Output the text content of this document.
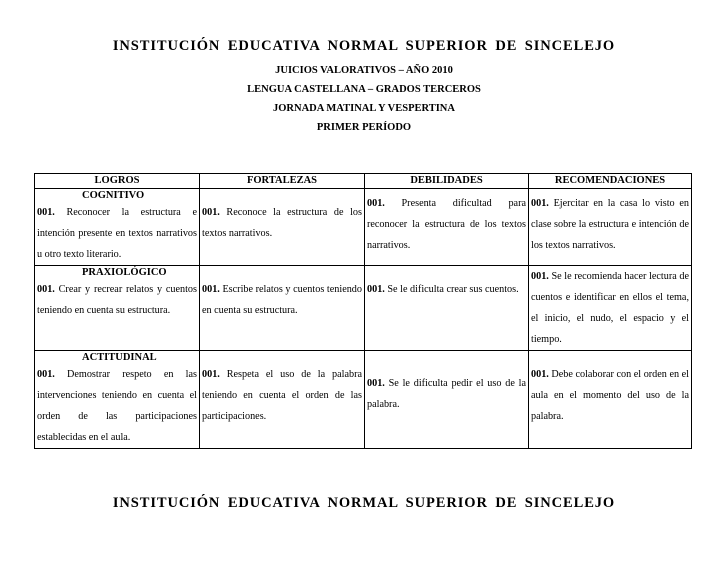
INSTITUCIÓN EDUCATIVA NORMAL SUPERIOR DE SINCELEJO
JUICIOS VALORATIVOS – AÑO 2010
LENGUA CASTELLANA – GRADOS TERCEROS
JORNADA MATINAL Y VESPERTINA
PRIMER PERÍODO
LOGROS	FORTALEZAS	DEBILIDADES	RECOMENDACIONES

COGNITIVO
001. Reconocer la estructura e intención presente en textos narrativos u otro texto literario.	001. Reconoce la estructura de los textos narrativos.	001. Presenta dificultad para reconocer la estructura de los textos narrativos.	001. Ejercitar en la casa lo visto en clase sobre la estructura e intención de los textos narrativos.

PRAXIOLÓGICO
001. Crear y recrear relatos y cuentos teniendo en cuenta su estructura.	001. Escribe relatos y cuentos teniendo en cuenta su estructura.	001. Se le dificulta crear sus cuentos.	001. Se le recomienda hacer lectura de cuentos e identificar en ellos el tema, el inicio, el nudo, el espacio y el tiempo.

ACTITUDINAL
001. Demostrar respeto en las intervenciones teniendo en cuenta el orden de las participaciones establecidas en el aula.	001. Respeta el uso de la palabra teniendo en cuenta el orden de las participaciones.	001. Se le dificulta pedir el uso de la palabra.	001. Debe colaborar con el orden en el aula en el momento del uso de la palabra.
INSTITUCIÓN EDUCATIVA NORMAL SUPERIOR DE SINCELEJO
